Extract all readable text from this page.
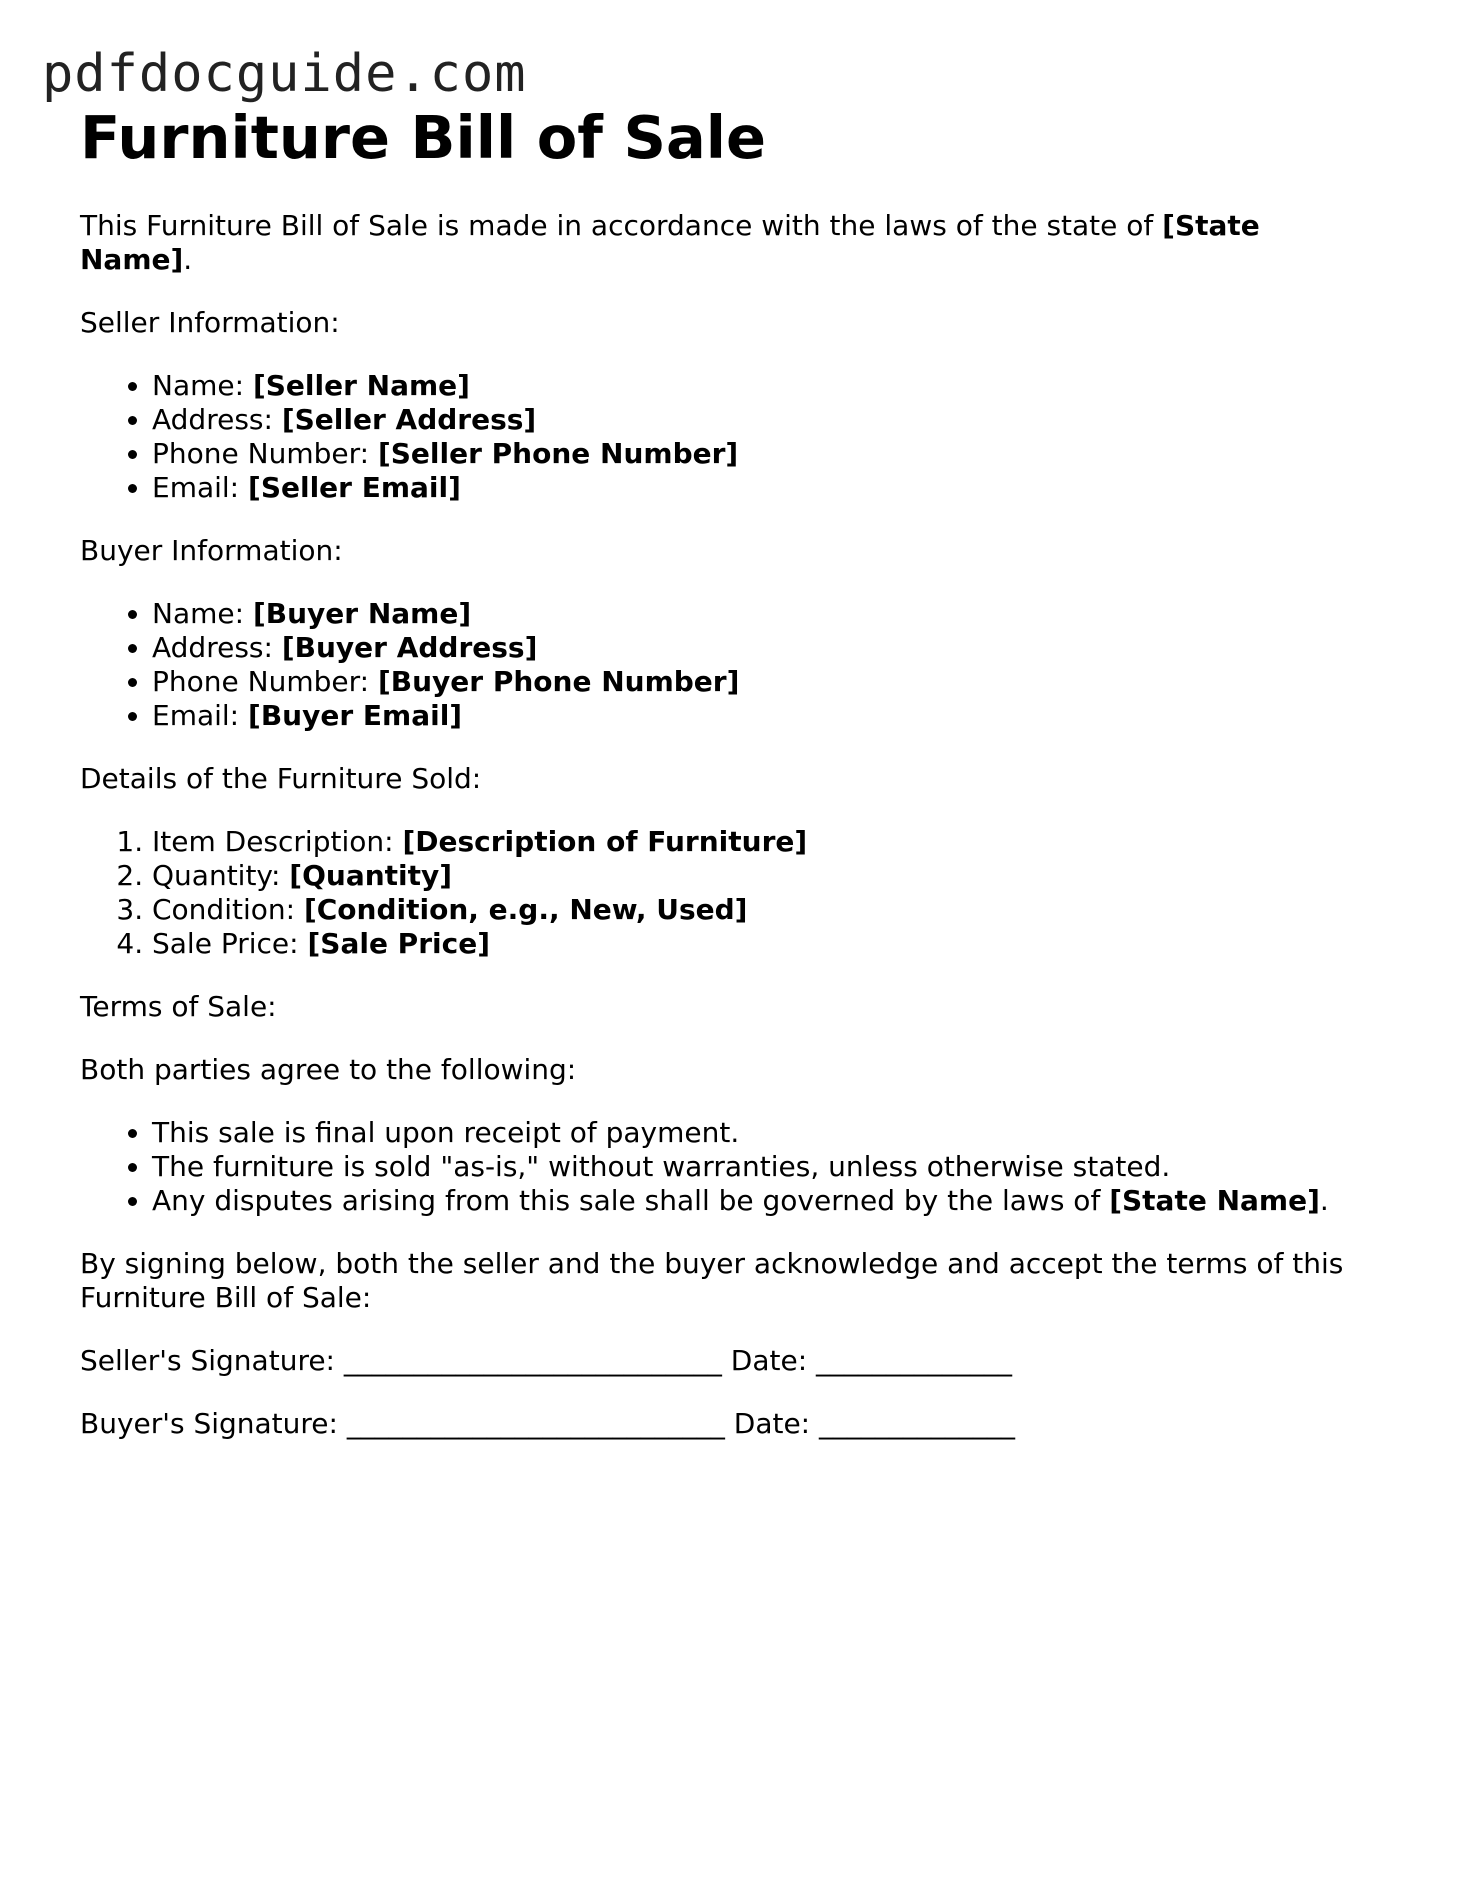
pdfdocguide.com
Furniture Bill of Sale

This Furniture Bill of Sale is made in accordance with the laws of the state of [State Name].

Seller Information:

• Name: [Seller Name]
• Address: [Seller Address]
• Phone Number: [Seller Phone Number]
• Email: [Seller Email]

Buyer Information:

• Name: [Buyer Name]
• Address: [Buyer Address]
• Phone Number: [Buyer Phone Number]
• Email: [Buyer Email]

Details of the Furniture Sold:

1. Item Description: [Description of Furniture]
2. Quantity: [Quantity]
3. Condition: [Condition, e.g., New, Used]
4. Sale Price: [Sale Price]

Terms of Sale:

Both parties agree to the following:

• This sale is final upon receipt of payment.
• The furniture is sold "as-is," without warranties, unless otherwise stated.
• Any disputes arising from this sale shall be governed by the laws of [State Name].

By signing below, both the seller and the buyer acknowledge and accept the terms of this Furniture Bill of Sale:

Seller's Signature: ___________________________ Date: ______________

Buyer's Signature: ___________________________ Date: ______________
